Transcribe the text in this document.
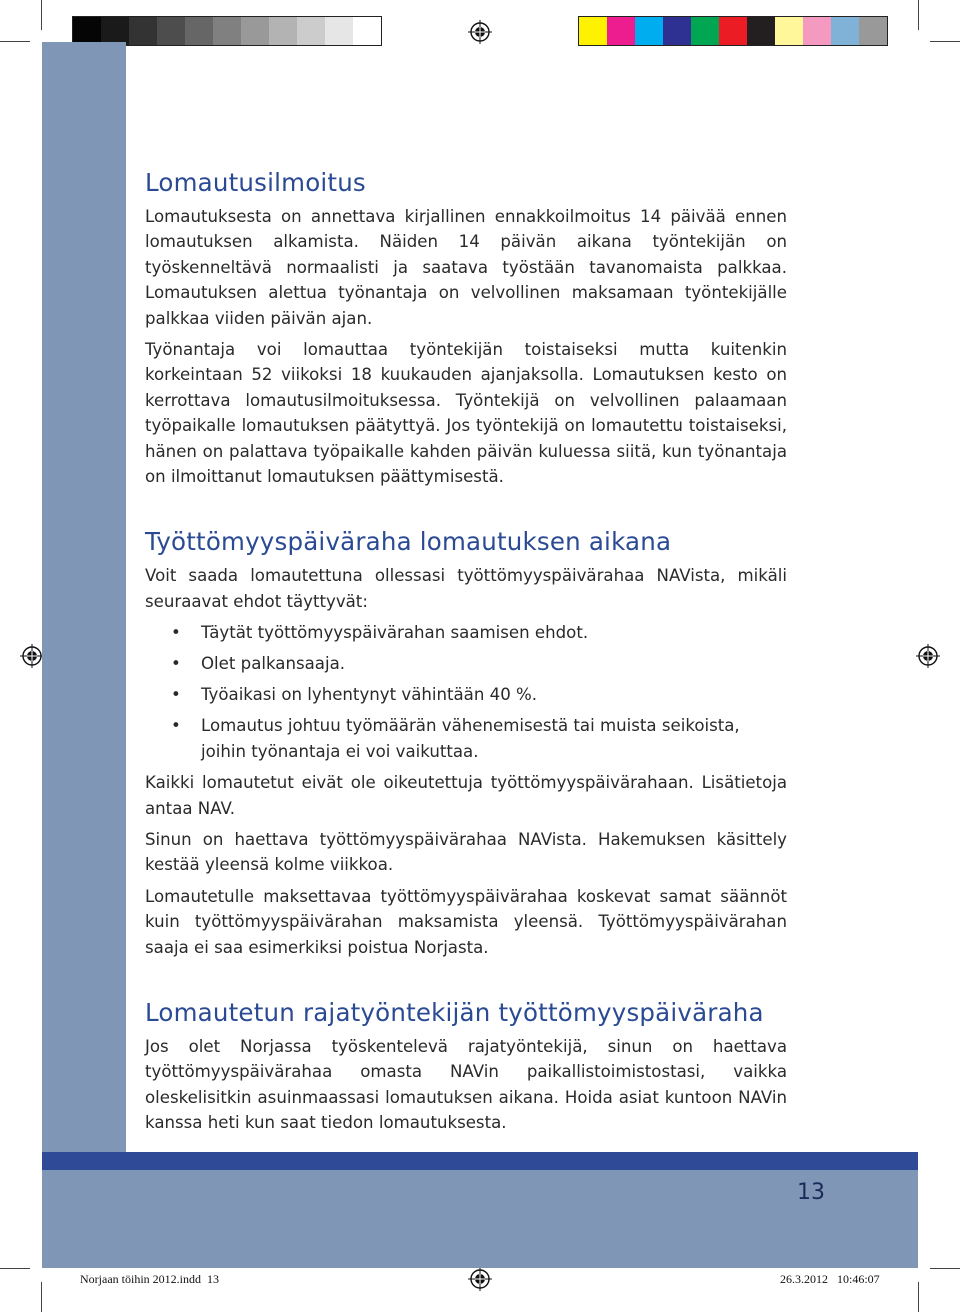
13
Lomautusilmoitus

Lomautuksesta on annettava kirjallinen ennakkoilmoitus 14 päivää ennen lomautuksen alkamista. Näiden 14 päivän aikana työntekijän on työskenneltävä normaalisti ja saatava työstään tavanomaista palkkaa. Lomautuksen alettua työnantaja on velvollinen maksamaan työntekijälle palkkaa viiden päivän ajan.

Työnantaja voi lomauttaa työntekijän toistaiseksi mutta kuitenkin korkeintaan 52 viikoksi 18 kuukauden ajanjaksolla. Lomautuksen kesto on kerrottava lomautusilmoituksessa. Työntekijä on velvollinen palaamaan työpaikalle lomautuksen päätyttyä. Jos työntekijä on lomautettu toistaiseksi, hänen on palattava työpaikalle kahden päivän kuluessa siitä, kun työnantaja on ilmoittanut lomautuksen päättymisestä.

Työttömyyspäiväraha lomautuksen aikana

Voit saada lomautettuna ollessasi työttömyyspäivärahaa NAVista, mikäli seuraavat ehdot täyttyvät:

• Täytät työttömyyspäivärahan saamisen ehdot.
• Olet palkansaaja.
• Työaikasi on lyhentynyt vähintään 40 %.
• Lomautus johtuu työmäärän vähenemisestä tai muista seikoista, joihin työnantaja ei voi vaikuttaa.

Kaikki lomautetut eivät ole oikeutettuja työttömyyspäivärahaan. Lisätietoja antaa NAV.

Sinun on haettava työttömyyspäivärahaa NAVista. Hakemuksen käsittely kestää yleensä kolme viikkoa.

Lomautetulle maksettavaa työttömyyspäivärahaa koskevat samat säännöt kuin työttömyyspäivärahan maksamista yleensä. Työttömyyspäivärahan saaja ei saa esimerkiksi poistua Norjasta.

Lomautetun rajatyöntekijän työttömyyspäiväraha

Jos olet Norjassa työskentelevä rajatyöntekijä, sinun on haettava työttömyyspäivärahaa omasta NAVin paikallistoimistostasi, vaikka oleskelisitkin asuinmaassasi lomautuksen aikana. Hoida asiat kuntoon NAVin kanssa heti kun saat tiedon lomautuksesta.

Norjaan töihin 2012.indd 13	26.3.2012 10:46:07
